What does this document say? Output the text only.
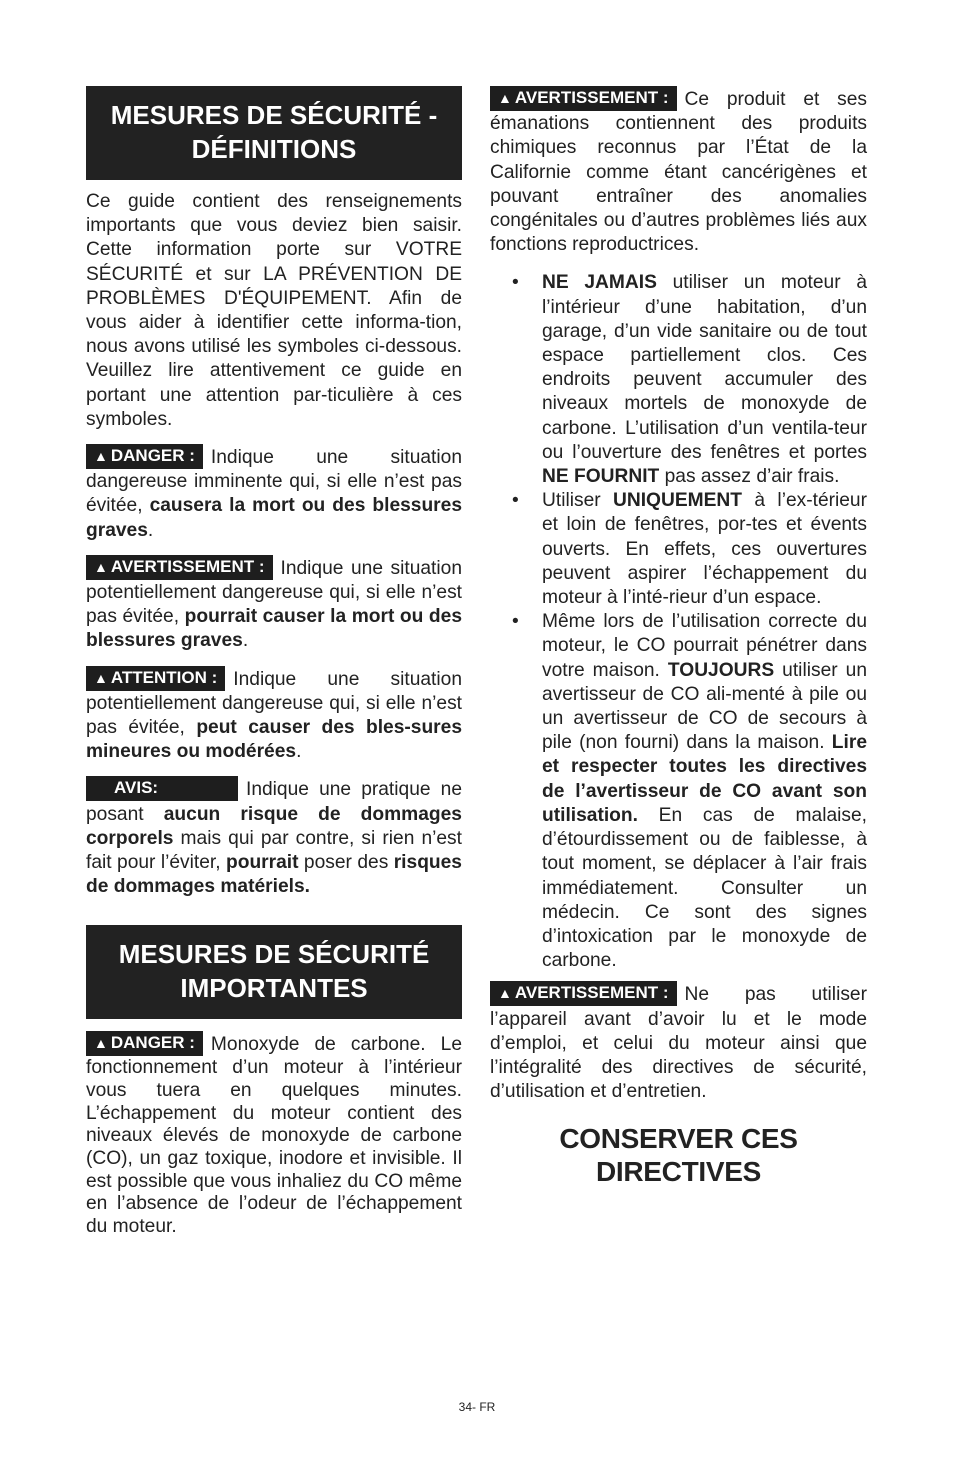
MESURES DE SÉCURITÉ - DÉFINITIONS

Ce guide contient des renseignements importants que vous deviez bien saisir. Cette information porte sur VOTRE SÉCURITÉ et sur LA PRÉVENTION DE PROBLÈMES D'ÉQUIPEMENT. Afin de vous aider à identifier cette informa-tion, nous avons utilisé les symboles ci-dessous. Veuillez lire attentivement ce guide en portant une attention par-ticulière à ces symboles.

▲ DANGER : Indique une situation dangereuse imminente qui, si elle n’est pas évitée, causera la mort ou des blessures graves.

▲ AVERTISSEMENT : Indique une situation potentiellement dangereuse qui, si elle n’est pas évitée, pourrait causer la mort ou des blessures graves.

▲ ATTENTION : Indique une situation potentiellement dangereuse qui, si elle n’est pas évitée, peut causer des bles-sures mineures ou modérées.

AVIS:	Indique une pratique ne posant aucun risque de dommages corporels mais qui par contre, si rien n’est fait pour l’éviter, pourrait poser des risques de dommages matériels.

MESURES DE SÉCURITÉ IMPORTANTES

▲ DANGER : Monoxyde de carbone. Le fonctionnement d’un moteur à l’intérieur vous tuera en quelques minutes. L’échappement du moteur contient des niveaux élevés de monoxyde de carbone (CO), un gaz toxique, inodore et invisible. Il est possible que vous inhaliez du CO même en l’absence de l’odeur de l’échappement du moteur.

▲ AVERTISSEMENT : Ce produit et ses émanations contiennent des produits chimiques reconnus par l’État de la Californie comme étant cancérigènes et pouvant entraîner des anomalies congénitales ou d’autres problèmes liés aux fonctions reproductrices.

• NE JAMAIS utiliser un moteur à l’intérieur d’une habitation, d’un garage, d’un vide sanitaire ou de tout espace partiellement clos. Ces endroits peuvent accumuler des niveaux mortels de monoxyde de carbone. L’utilisation d’un ventila-teur ou l’ouverture des fenêtres et portes NE FOURNIT pas assez d’air frais.
• Utiliser UNIQUEMENT à l’ex-térieur et loin de fenêtres, por-tes et évents ouverts. En effets, ces ouvertures peuvent aspirer l’échappement du moteur à l’inté-rieur d’un espace.
• Même lors de l’utilisation correcte du moteur, le CO pourrait pénétrer dans votre maison. TOUJOURS utiliser un avertisseur de CO ali-menté à pile ou un avertisseur de CO de secours à pile (non fourni) dans la maison. Lire et respecter toutes les directives de l’avertisseur de CO avant son utilisation. En cas de malaise, d’étourdissement ou de faiblesse, à tout moment, se déplacer à l’air frais immédiatement. Consulter un médecin. Ce sont des signes d’intoxication par le monoxyde de carbone.

▲ AVERTISSEMENT : Ne pas utiliser l’appareil avant d’avoir lu et le mode d’emploi, et celui du moteur ainsi que l’intégralité des directives de sécurité, d’utilisation et d’entretien.

CONSERVER CES
DIRECTIVES
34- FR
